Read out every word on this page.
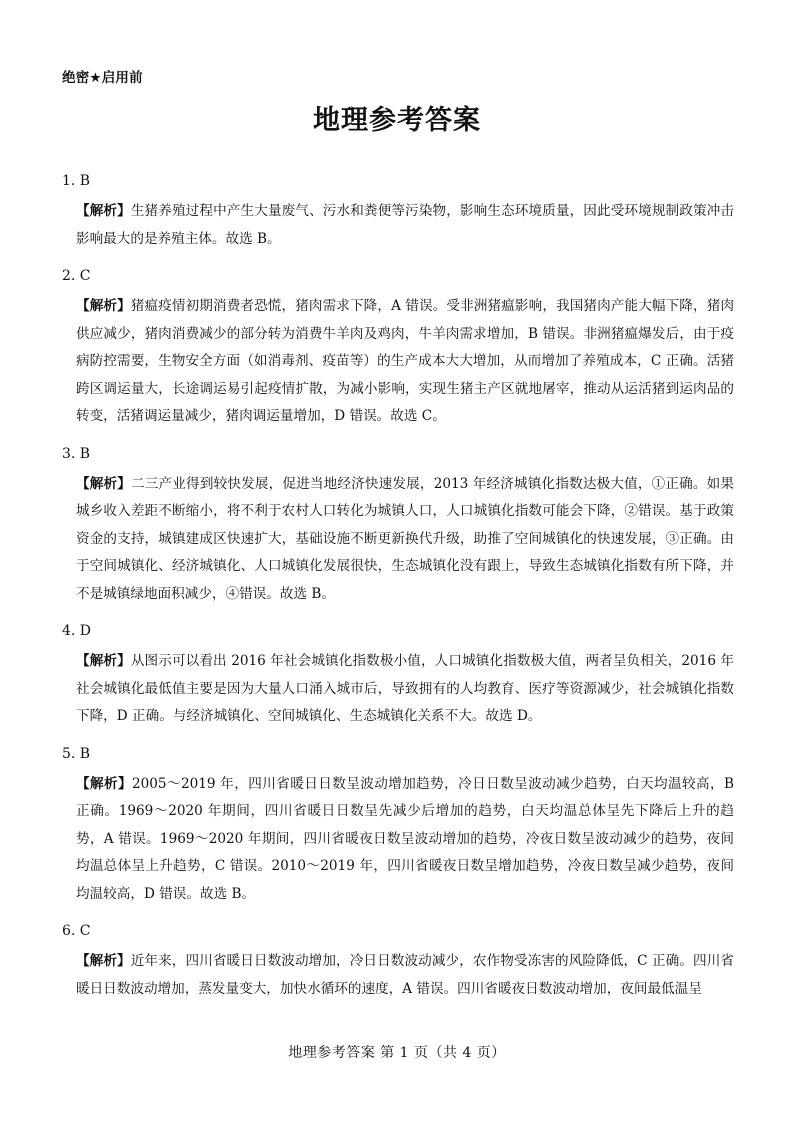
绝密★启用前
地理参考答案
1. B
【解析】生猪养殖过程中产生大量废气、污水和粪便等污染物，影响生态环境质量，因此受环境规制政策冲击影响最大的是养殖主体。故选 B。
2. C
【解析】猪瘟疫情初期消费者恐慌，猪肉需求下降，A 错误。受非洲猪瘟影响，我国猪肉产能大幅下降，猪肉供应减少，猪肉消费减少的部分转为消费牛羊肉及鸡肉，牛羊肉需求增加，B 错误。非洲猪瘟爆发后，由于疫病防控需要，生物安全方面（如消毒剂、疫苗等）的生产成本大大增加，从而增加了养殖成本，C 正确。活猪跨区调运量大，长途调运易引起疫情扩散，为减小影响，实现生猪主产区就地屠宰，推动从运活猪到运肉品的转变，活猪调运量减少，猪肉调运量增加，D 错误。故选 C。
3. B
【解析】二三产业得到较快发展，促进当地经济快速发展，2013 年经济城镇化指数达极大值，①正确。如果城乡收入差距不断缩小，将不利于农村人口转化为城镇人口，人口城镇化指数可能会下降，②错误。基于政策资金的支持，城镇建成区快速扩大，基础设施不断更新换代升级，助推了空间城镇化的快速发展，③正确。由于空间城镇化、经济城镇化、人口城镇化发展很快，生态城镇化没有跟上，导致生态城镇化指数有所下降，并不是城镇绿地面积减少，④错误。故选 B。
4. D
【解析】从图示可以看出 2016 年社会城镇化指数极小值，人口城镇化指数极大值，两者呈负相关，2016 年社会城镇化最低值主要是因为大量人口涌入城市后，导致拥有的人均教育、医疗等资源减少，社会城镇化指数下降，D 正确。与经济城镇化、空间城镇化、生态城镇化关系不大。故选 D。
5. B
【解析】2005～2019 年，四川省暖日日数呈波动增加趋势，冷日日数呈波动减少趋势，白天均温较高，B 正确。1969～2020 年期间，四川省暖日日数呈先减少后增加的趋势，白天均温总体呈先下降后上升的趋势，A 错误。1969～2020 年期间，四川省暖夜日数呈波动增加的趋势，冷夜日数呈波动减少的趋势，夜间均温总体呈上升趋势，C 错误。2010～2019 年，四川省暖夜日数呈增加趋势，冷夜日数呈减少趋势，夜间均温较高，D 错误。故选 B。
6. C
【解析】近年来，四川省暖日日数波动增加，冷日日数波动减少，农作物受冻害的风险降低，C 正确。四川省暖日日数波动增加，蒸发量变大，加快水循环的速度，A 错误。四川省暖夜日数波动增加，夜间最低温呈
地理参考答案 第 1 页（共 4 页）
